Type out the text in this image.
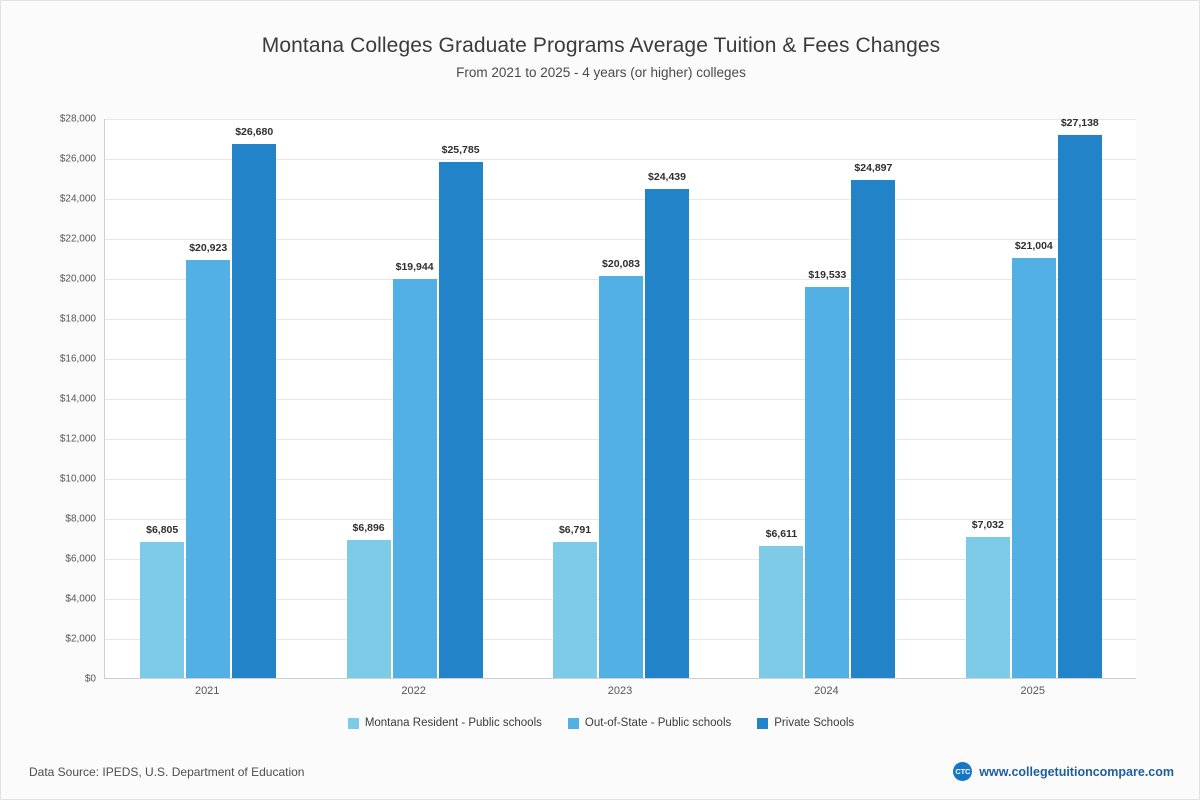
Montana Colleges Graduate Programs Average Tuition & Fees Changes
From 2021 to 2025 - 4 years (or higher) colleges
$0
$2,000
$4,000
$6,000
$8,000
$10,000
$12,000
$14,000
$16,000
$18,000
$20,000
$22,000
$24,000
$26,000
$28,000
$6,805
$20,923
$26,680
$6,896
$19,944
$25,785
$6,791
$20,083
$24,439
$6,611
$19,533
$24,897
$7,032
$21,004
$27,138
2021	2022	2023	2024	2025
Montana Resident - Public schools	Out-of-State - Public schools	Private Schools
Data Source: IPEDS, U.S. Department of Education	CTC www.collegetuitioncompare.com
